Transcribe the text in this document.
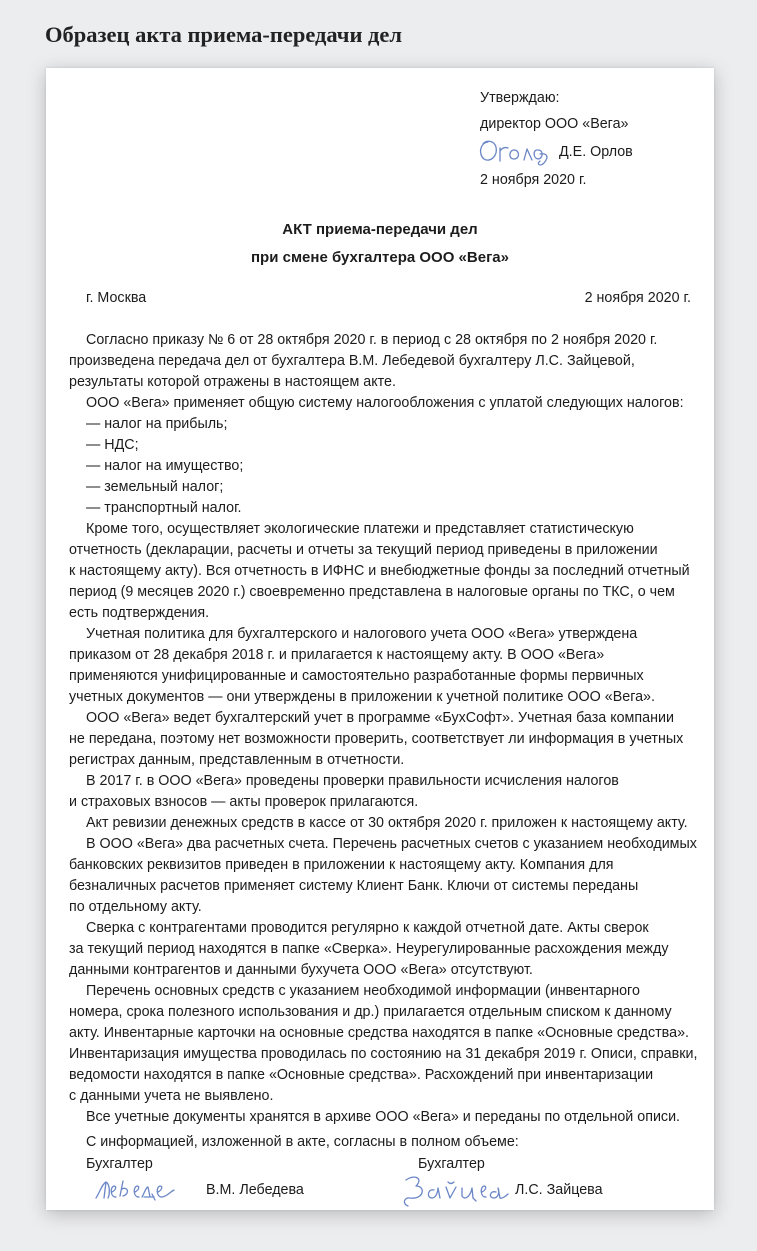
Образец акта приема-передачи дел

Утверждаю:

директор ООО «Вега»

Д.Е. Орлов

2 ноября 2020 г.

АКТ приема-передачи дел

при смене бухгалтера ООО «Вега»

г. Москва	2 ноября 2020 г.

Согласно приказу № 6 от 28 октября 2020 г. в период с 28 октября по 2 ноября 2020 г.

произведена передача дел от бухгалтера В.М. Лебедевой бухгалтеру Л.С. Зайцевой,

результаты которой отражены в настоящем акте.

ООО «Вега» применяет общую систему налогообложения с уплатой следующих налогов:

— налог на прибыль;

— НДС;

— налог на имущество;

— земельный налог;

— транспортный налог.

Кроме того, осуществляет экологические платежи и представляет статистическую

отчетность (декларации, расчеты и отчеты за текущий период приведены в приложении

к настоящему акту). Вся отчетность в ИФНС и внебюджетные фонды за последний отчетный

период (9 месяцев 2020 г.) своевременно представлена в налоговые органы по ТКС, о чем

есть подтверждения.

Учетная политика для бухгалтерского и налогового учета ООО «Вега» утверждена

приказом от 28 декабря 2018 г. и прилагается к настоящему акту. В ООО «Вега»

применяются унифицированные и самостоятельно разработанные формы первичных

учетных документов — они утверждены в приложении к учетной политике ООО «Вега».

ООО «Вега» ведет бухгалтерский учет в программе «БухСофт». Учетная база компании

не передана, поэтому нет возможности проверить, соответствует ли информация в учетных

регистрах данным, представленным в отчетности.

В 2017 г. в ООО «Вега» проведены проверки правильности исчисления налогов

и страховых взносов — акты проверок прилагаются.

Акт ревизии денежных средств в кассе от 30 октября 2020 г. приложен к настоящему акту.

В ООО «Вега» два расчетных счета. Перечень расчетных счетов с указанием необходимых

банковских реквизитов приведен в приложении к настоящему акту. Компания для

безналичных расчетов применяет систему Клиент Банк. Ключи от системы переданы

по отдельному акту.

Сверка с контрагентами проводится регулярно к каждой отчетной дате. Акты сверок

за текущий период находятся в папке «Сверка». Неурегулированные расхождения между

данными контрагентов и данными бухучета ООО «Вега» отсутствуют.

Перечень основных средств с указанием необходимой информации (инвентарного

номера, срока полезного использования и др.) прилагается отдельным списком к данному

акту. Инвентарные карточки на основные средства находятся в папке «Основные средства».

Инвентаризация имущества проводилась по состоянию на 31 декабря 2019 г. Описи, справки,

ведомости находятся в папке «Основные средства». Расхождений при инвентаризации

с данными учета не выявлено.

Все учетные документы хранятся в архиве ООО «Вега» и переданы по отдельной описи.

С информацией, изложенной в акте, согласны в полном объеме:

Бухгалтер

В.М. Лебедева

Бухгалтер

Л.С. Зайцева
